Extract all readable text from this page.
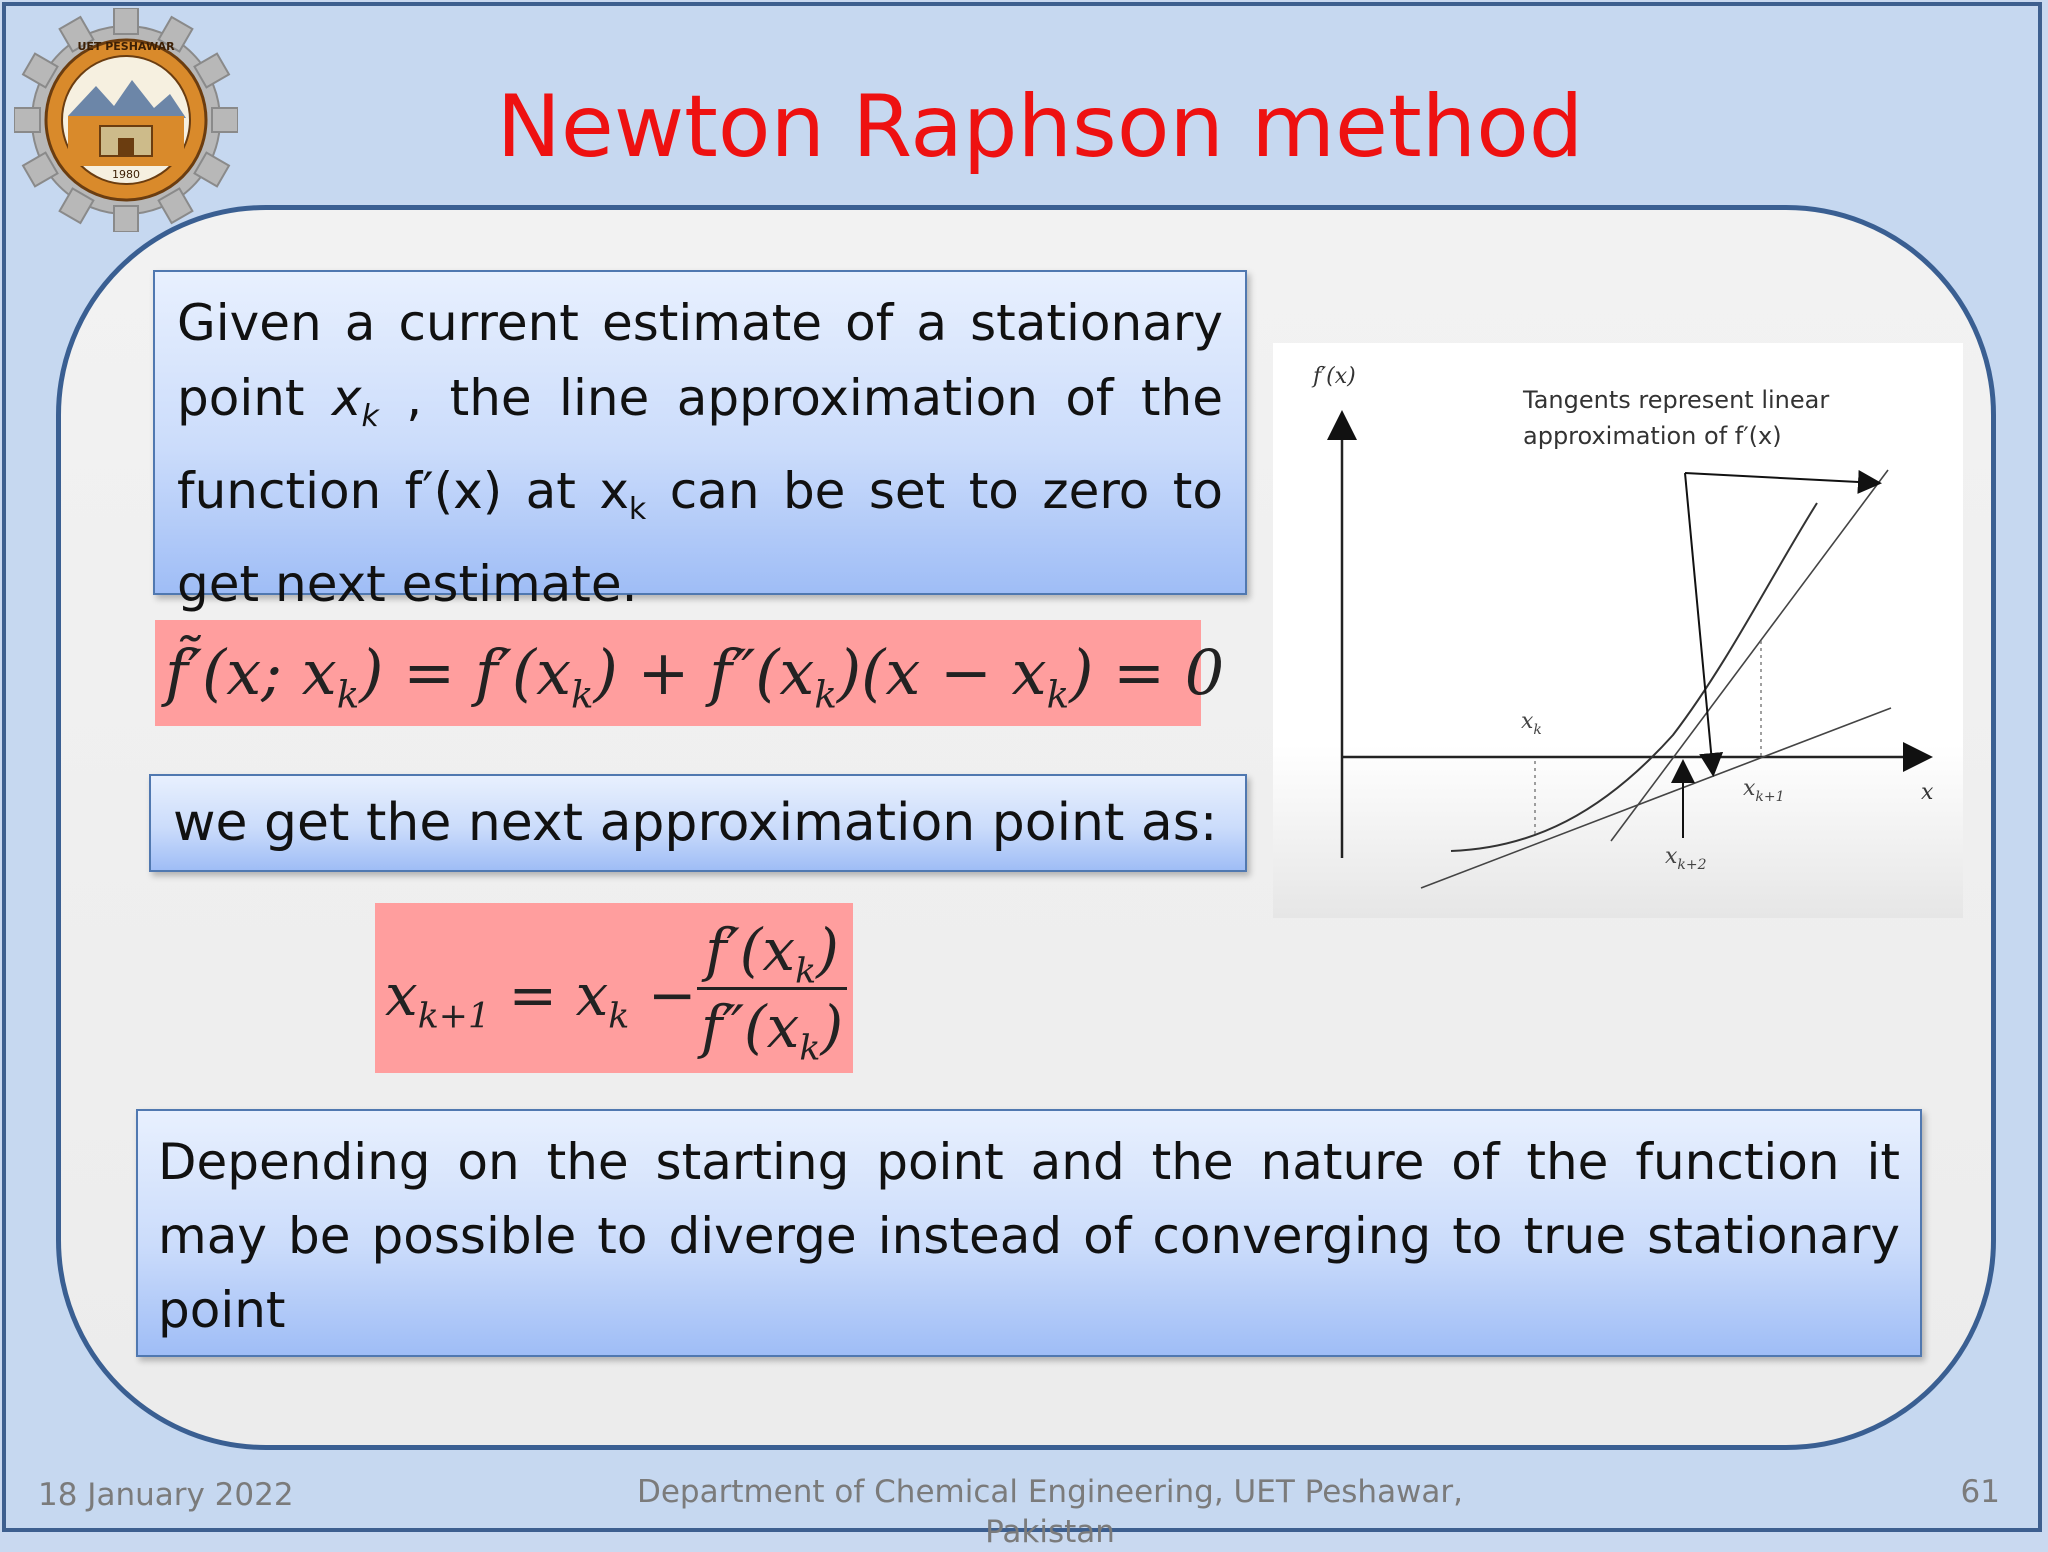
UET PESHAWAR
1980	Newton Raphson method
Given a current estimate of a stationary point $x_k$ , the line approximation of the function f′(x) at $x_k$ can be set to zero to get next estimate.
f̃′(x; $x_k) = f'(x_k) + f''(x_k)(x - x_k) = 0$
we get the next approximation point as:
$x_{k+1} = x_k$ −
$f'(x_k)$
$f''(x_k)$
f′(x)
x
$x_k$
$x_{k+1}$
$x_{k+2}$
Tangents represent linear
approximation of f′(x)
Depending on the starting point and the nature of the function it may be possible to diverge instead of converging to true stationary point
18 January 2022	Department of Chemical Engineering, UET Peshawar, Pakistan
61
